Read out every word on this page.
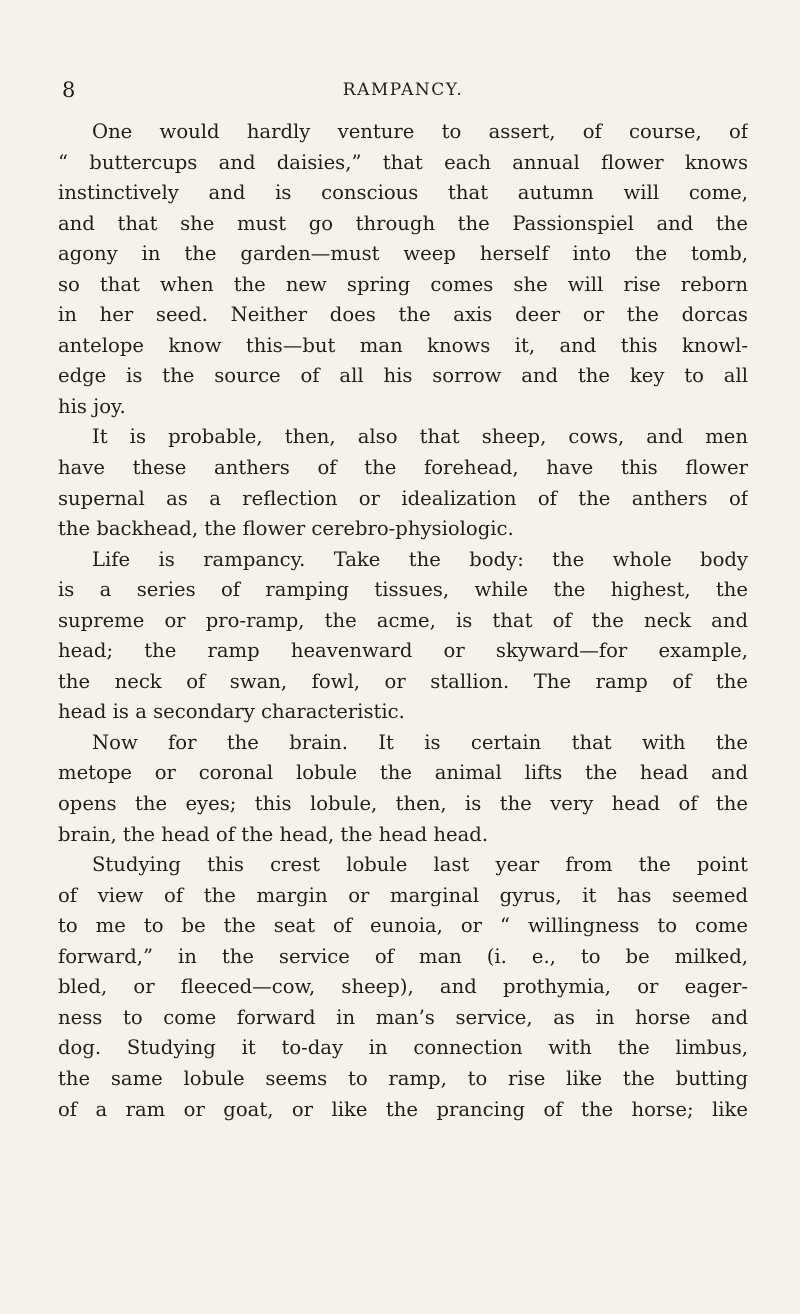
8	RAMPANCY.
One would hardly venture to assert, of course, of
“ buttercups and daisies,” that each annual flower knows
instinctively and is conscious that autumn will come,
and that she must go through the Passionspiel and the
agony in the garden—must weep herself into the tomb,
so that when the new spring comes she will rise reborn
in her seed. Neither does the axis deer or the dorcas
antelope know this—but man knows it, and this knowl-
edge is the source of all his sorrow and the key to all
his joy.
It is probable, then, also that sheep, cows, and men
have these anthers of the forehead, have this flower
supernal as a reflection or idealization of the anthers of
the backhead, the flower cerebro-physiologic.
Life is rampancy. Take the body: the whole body
is a series of ramping tissues, while the highest, the
supreme or pro-ramp, the acme, is that of the neck and
head; the ramp heavenward or skyward—for example,
the neck of swan, fowl, or stallion. The ramp of the
head is a secondary characteristic.
Now for the brain. It is certain that with the
metope or coronal lobule the animal lifts the head and
opens the eyes; this lobule, then, is the very head of the
brain, the head of the head, the head head.
Studying this crest lobule last year from the point
of view of the margin or marginal gyrus, it has seemed
to me to be the seat of eunoia, or “ willingness to come
forward,” in the service of man (i. e., to be milked,
bled, or fleeced—cow, sheep), and prothymia, or eager-
ness to come forward in man’s service, as in horse and
dog. Studying it to-day in connection with the limbus,
the same lobule seems to ramp, to rise like the butting
of a ram or goat, or like the prancing of the horse; like
